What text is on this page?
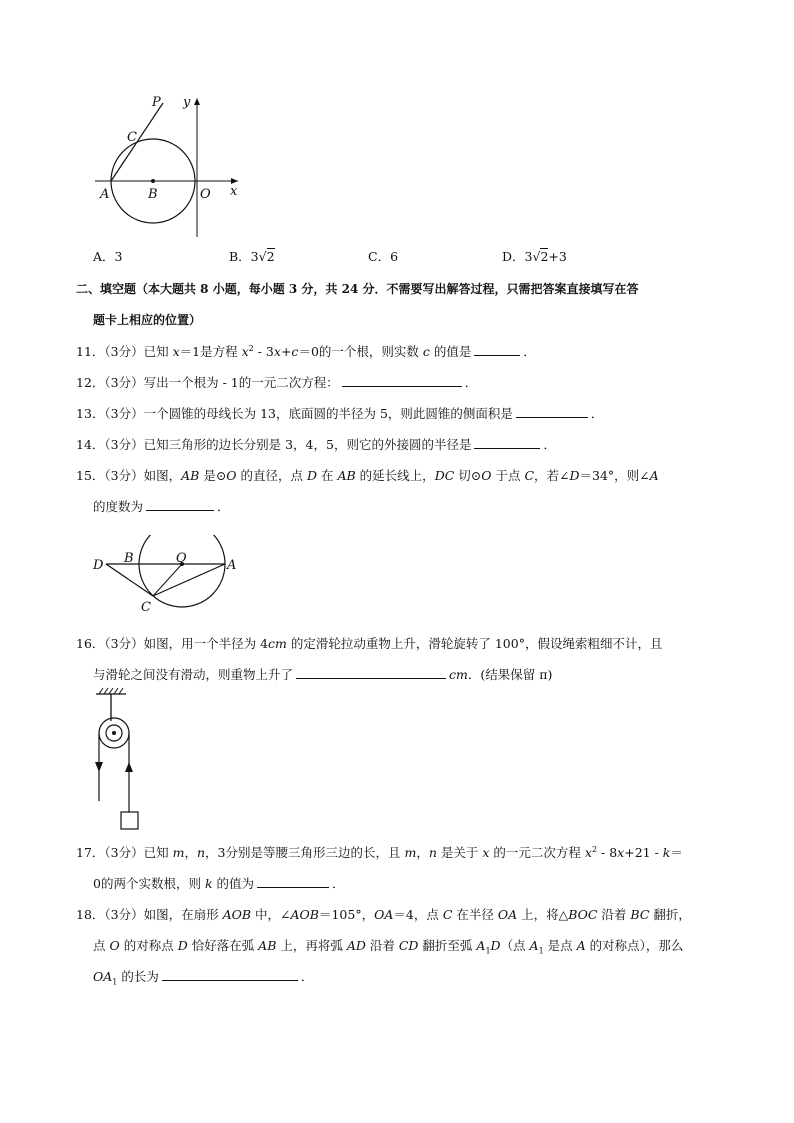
P y
C
A	B	O x
A．3	B．3√2	C．6	D．3√2+3
二、填空题（本大题共 8 小题，每小题 3 分，共 24 分．不需要写出解答过程，只需把答案直接填写在答
题卡上相应的位置）
11．（3分）已知 x＝1是方程 $x^2 - 3x+c=0$的一个根，则实数 c 的值是	．
12．（3分）写出一个根为 - 1的一元二次方程：	．
13．（3分）一个圆锥的母线长为 13，底面圆的半径为 5，则此圆锥的侧面积是	．
14．（3分）已知三角形的边长分别是 3，4，5，则它的外接圆的半径是	．
15．（3分）如图，AB 是⊙O 的直径，点 D 在 AB 的延长线上，DC 切⊙O 于点 C，若∠D＝34°，则∠A
的度数为	．
D B	O	A
C
16．（3分）如图，用一个半径为 4cm 的定滑轮拉动重物上升，滑轮旋转了 100°，假设绳索粗细不计，且
与滑轮之间没有滑动，则重物上升了	cm．(结果保留 π)
17．（3分）已知 m，n，3分别是等腰三角形三边的长，且 m，n 是关于 x 的一元二次方程 $x^2 - 8x+21 - k=$
0的两个实数根，则 k 的值为	．
18．（3分）如图，在扇形 AOB 中，∠AOB＝105°，OA＝4，点 C 在半径 OA 上，将△BOC 沿着 BC 翻折，
点 O 的对称点 D 恰好落在弧 AB 上，再将弧 AD 沿着 CD 翻折至弧 $A_1D$（点 $A_1$ 是点 A 的对称点），那么
$OA_1$ 的长为	．
